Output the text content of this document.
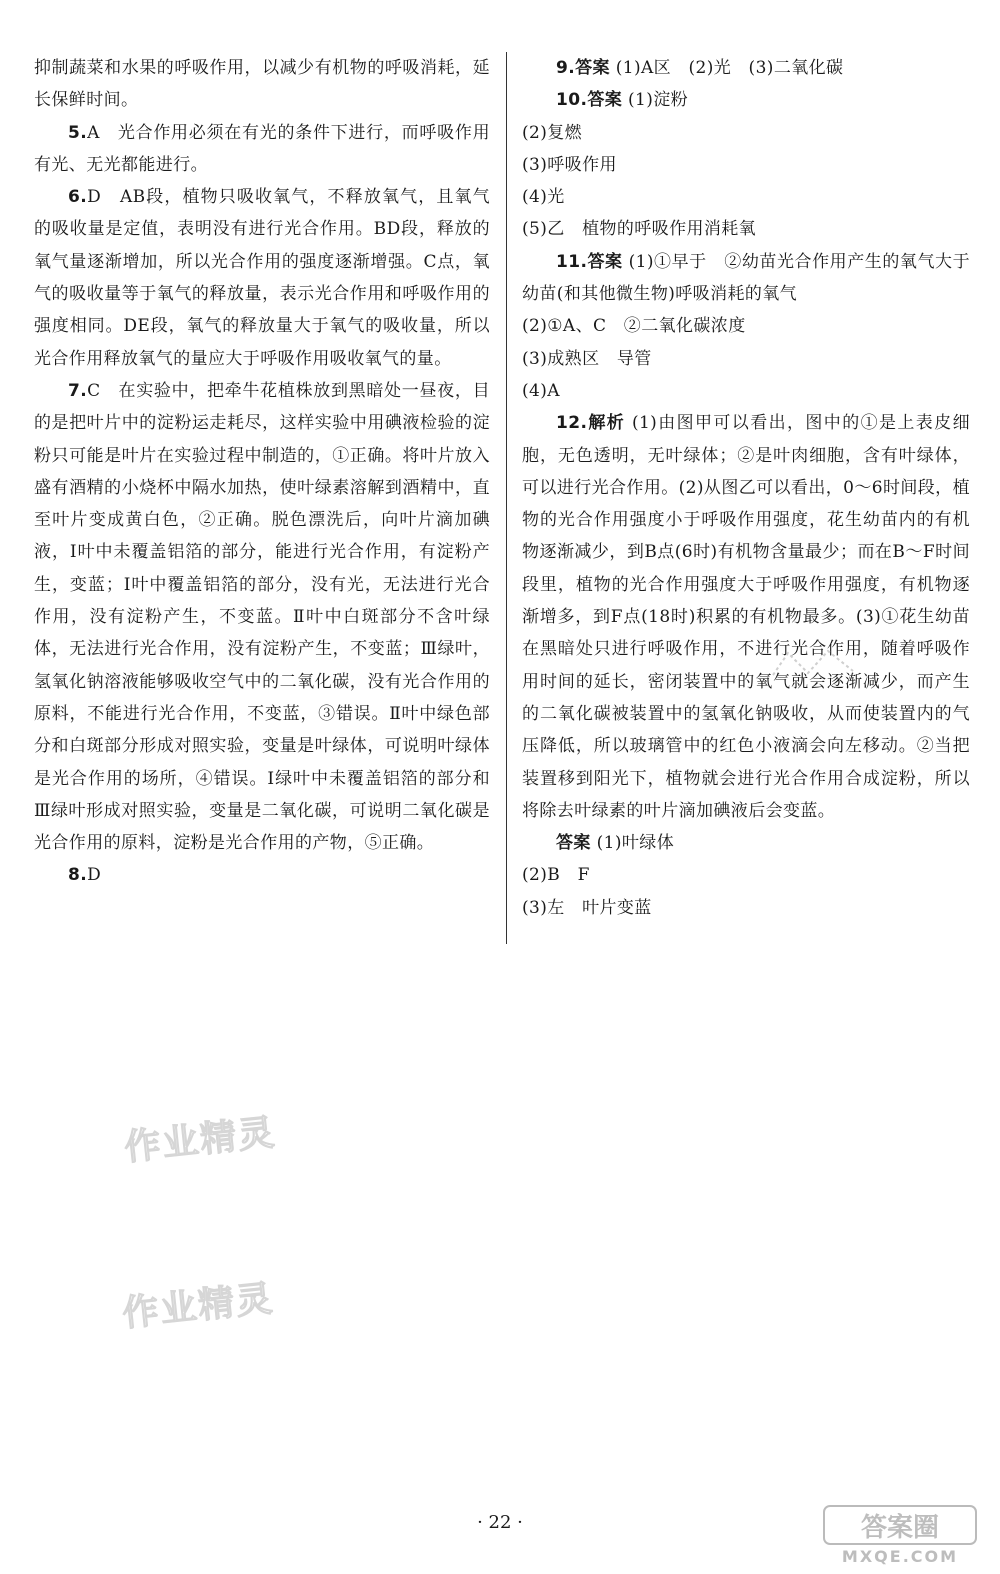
抑制蔬菜和水果的呼吸作用，以减少有机物的呼吸消耗，延长保鲜时间。

5.A　光合作用必须在有光的条件下进行，而呼吸作用有光、无光都能进行。

6.D　AB段，植物只吸收氧气，不释放氧气，且氧气的吸收量是定值，表明没有进行光合作用。BD段，释放的氧气量逐渐增加，所以光合作用的强度逐渐增强。C点，氧气的吸收量等于氧气的释放量，表示光合作用和呼吸作用的强度相同。DE段，氧气的释放量大于氧气的吸收量，所以光合作用释放氧气的量应大于呼吸作用吸收氧气的量。

7.C　在实验中，把牵牛花植株放到黑暗处一昼夜，目的是把叶片中的淀粉运走耗尽，这样实验中用碘液检验的淀粉只可能是叶片在实验过程中制造的，①正确。将叶片放入盛有酒精的小烧杯中隔水加热，使叶绿素溶解到酒精中，直至叶片变成黄白色，②正确。脱色漂洗后，向叶片滴加碘液，Ⅰ叶中未覆盖铝箔的部分，能进行光合作用，有淀粉产生，变蓝；Ⅰ叶中覆盖铝箔的部分，没有光，无法进行光合作用，没有淀粉产生，不变蓝。Ⅱ叶中白斑部分不含叶绿体，无法进行光合作用，没有淀粉产生，不变蓝；Ⅲ绿叶，氢氧化钠溶液能够吸收空气中的二氧化碳，没有光合作用的原料，不能进行光合作用，不变蓝，③错误。Ⅱ叶中绿色部分和白斑部分形成对照实验，变量是叶绿体，可说明叶绿体是光合作用的场所，④错误。Ⅰ绿叶中未覆盖铝箔的部分和Ⅲ绿叶形成对照实验，变量是二氧化碳，可说明二氧化碳是光合作用的原料，淀粉是光合作用的产物，⑤正确。

8.D

9.答案 (1)A区　(2)光　(3)二氧化碳

10.答案 (1)淀粉

(2)复燃

(3)呼吸作用

(4)光

(5)乙　植物的呼吸作用消耗氧

11.答案 (1)①早于　②幼苗光合作用产生的氧气大于幼苗(和其他微生物)呼吸消耗的氧气

(2)①A、C　②二氧化碳浓度

(3)成熟区　导管

(4)A

12.解析 (1)由图甲可以看出，图中的①是上表皮细胞，无色透明，无叶绿体；②是叶肉细胞，含有叶绿体，可以进行光合作用。(2)从图乙可以看出，0～6时间段，植物的光合作用强度小于呼吸作用强度，花生幼苗内的有机物逐渐减少，到B点(6时)有机物含量最少；而在B～F时间段里，植物的光合作用强度大于呼吸作用强度，有机物逐渐增多，到F点(18时)积累的有机物最多。(3)①花生幼苗在黑暗处只进行呼吸作用，不进行光合作用，随着呼吸作用时间的延长，密闭装置中的氧气就会逐渐减少，而产生的二氧化碳被装置中的氢氧化钠吸收，从而使装置内的气压降低，所以玻璃管中的红色小液滴会向左移动。②当把装置移到阳光下，植物就会进行光合作用合成淀粉，所以将除去叶绿素的叶片滴加碘液后会变蓝。

答案 (1)叶绿体

(2)B　F

(3)左　叶片变蓝

作业精灵
作业精灵
· 22 ·	答案圈
MXQE.COM
